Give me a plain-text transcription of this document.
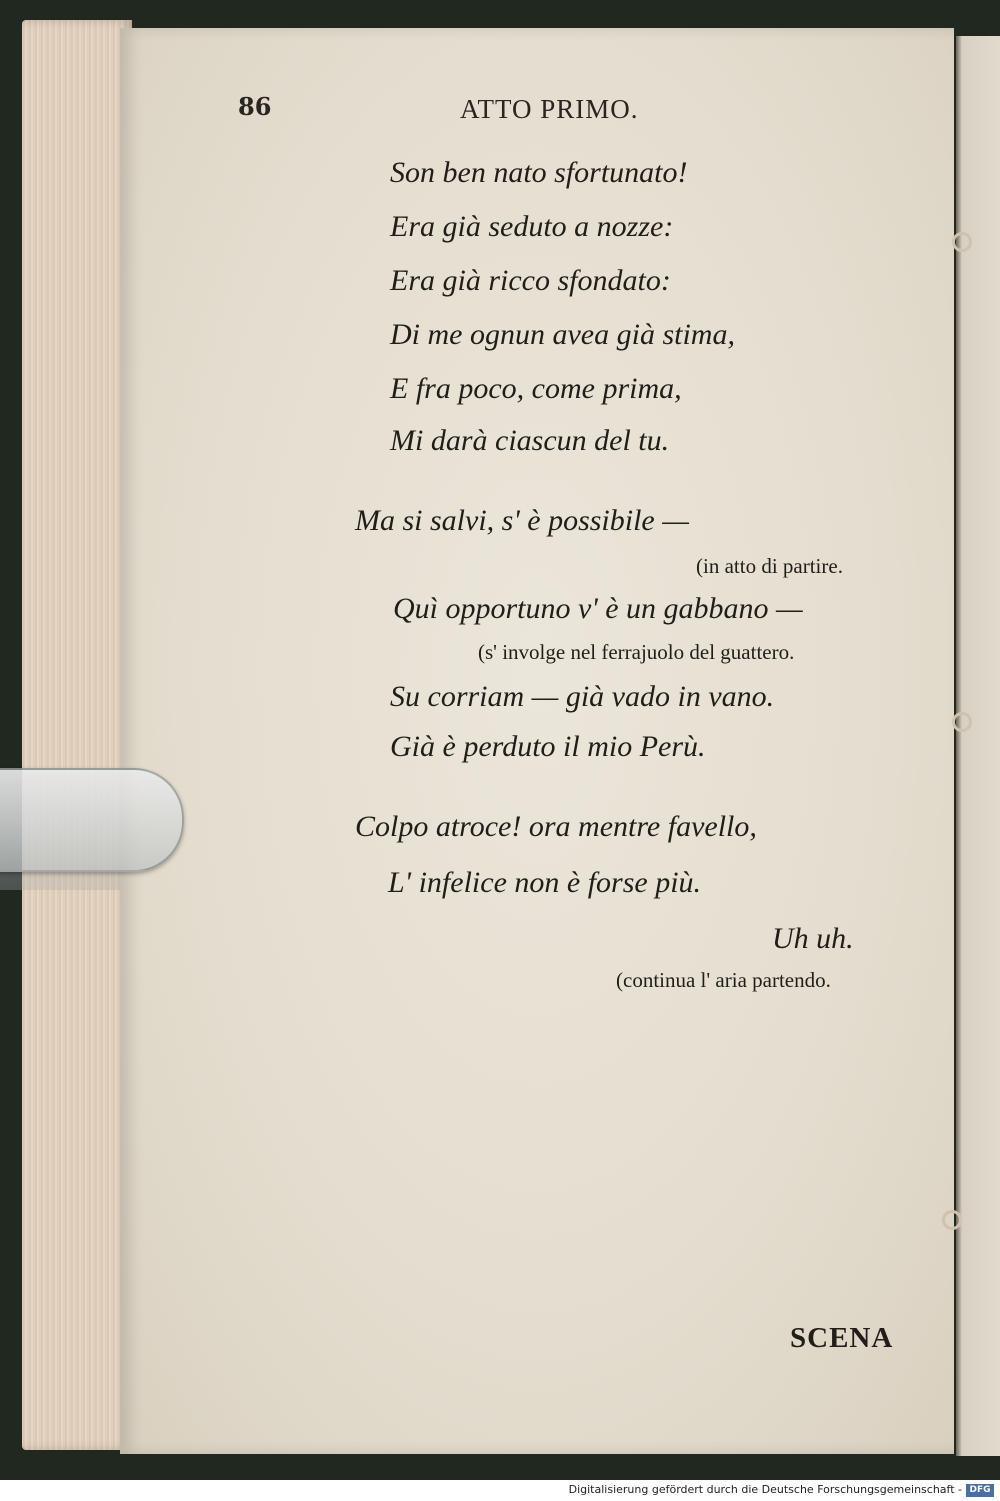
86	ATTO PRIMO.
Son ben nato sfortunato!
Era già seduto a nozze:
Era già ricco sfondato:
Di me ognun avea già stima,
E fra poco, come prima,
Mi darà ciascun del tu.
Ma si salvi, s' è possibile —
(in atto di partire.
Quì opportuno v' è un gabbano —
(s' involge nel ferrajuolo del guattero.
Su corriam — già vado in vano.
Già è perduto il mio Perù.
Colpo atroce! ora mentre favello,
L' infelice non è forse più.
Uh uh.
(continua l' aria partendo.
SCENA
Digitalisierung gefördert durch die Deutsche Forschungsgemeinschaft - DFG
